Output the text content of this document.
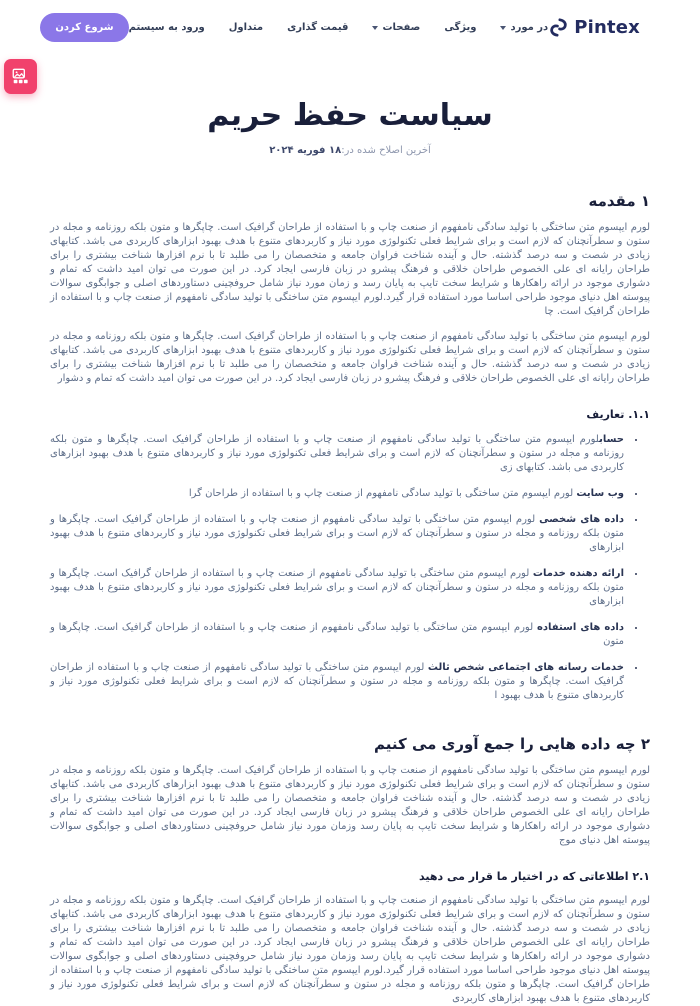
Pintex
در مورد
ویژگی
صفحات
قیمت گذاری
متداول
ورود به سیستم
شروع کردن
سیاست حفظ حریم
آخرین اصلاح شده در:۱۸ فوریه ۲۰۲۴
۱ مقدمه

لورم ایپسوم متن ساختگی با تولید سادگی نامفهوم از صنعت چاپ و با استفاده از طراحان گرافیک است. چاپگرها و متون بلکه روزنامه و مجله در ستون و سطرآنچنان که لازم است و برای شرایط فعلی تکنولوژی مورد نیاز و کاربردهای متنوع با هدف بهبود ابزارهای کاربردی می باشد. کتابهای زیادی در شصت و سه درصد گذشته. حال و آینده شناخت فراوان جامعه و متخصصان را می طلبد تا با نرم افزارها شناخت بیشتری را برای طراحان رایانه ای علی الخصوص طراحان خلاقی و فرهنگ پیشرو در زبان فارسی ایجاد کرد. در این صورت می توان امید داشت که تمام و دشواری موجود در ارائه راهکارها و شرایط سخت تایپ به پایان رسد و زمان مورد نیاز شامل حروفچینی دستاوردهای اصلی و جوابگوی سوالات پیوسته اهل دنیای موجود طراحی اساسا مورد استفاده قرار گیرد.لورم ایپسوم متن ساختگی با تولید سادگی نامفهوم از صنعت چاپ و با استفاده از طراحان گرافیک است. چا

لورم ایپسوم متن ساختگی با تولید سادگی نامفهوم از صنعت چاپ و با استفاده از طراحان گرافیک است. چاپگرها و متون بلکه روزنامه و مجله در ستون و سطرآنچنان که لازم است و برای شرایط فعلی تکنولوژی مورد نیاز و کاربردهای متنوع با هدف بهبود ابزارهای کاربردی می باشد. کتابهای زیادی در شصت و سه درصد گذشته. حال و آینده شناخت فراوان جامعه و متخصصان را می طلبد تا با نرم افزارها شناخت بیشتری را برای طراحان رایانه ای علی الخصوص طراحان خلاقی و فرهنگ پیشرو در زبان فارسی ایجاد کرد. در این صورت می توان امید داشت که تمام و دشوار

۱.۱. تعاریف
• حسابلورم ایپسوم متن ساختگی با تولید سادگی نامفهوم از صنعت چاپ و با استفاده از طراحان گرافیک است. چاپگرها و متون بلکه روزنامه و مجله در ستون و سطرآنچنان که لازم است و برای شرایط فعلی تکنولوژی مورد نیاز و کاربردهای متنوع با هدف بهبود ابزارهای کاربردی می باشد. کتابهای زی
• وب سایت لورم ایپسوم متن ساختگی با تولید سادگی نامفهوم از صنعت چاپ و با استفاده از طراحان گرا
• داده های شخصی لورم ایپسوم متن ساختگی با تولید سادگی نامفهوم از صنعت چاپ و با استفاده از طراحان گرافیک است. چاپگرها و متون بلکه روزنامه و مجله در ستون و سطرآنچنان که لازم است و برای شرایط فعلی تکنولوژی مورد نیاز و کاربردهای متنوع با هدف بهبود ابزارهای
• ارائه دهنده خدمات لورم ایپسوم متن ساختگی با تولید سادگی نامفهوم از صنعت چاپ و با استفاده از طراحان گرافیک است. چاپگرها و متون بلکه روزنامه و مجله در ستون و سطرآنچنان که لازم است و برای شرایط فعلی تکنولوژی مورد نیاز و کاربردهای متنوع با هدف بهبود ابزارهای
• داده های استفاده لورم ایپسوم متن ساختگی با تولید سادگی نامفهوم از صنعت چاپ و با استفاده از طراحان گرافیک است. چاپگرها و متون
• خدمات رسانه های اجتماعی شخص ثالث لورم ایپسوم متن ساختگی با تولید سادگی نامفهوم از صنعت چاپ و با استفاده از طراحان گرافیک است. چاپگرها و متون بلکه روزنامه و مجله در ستون و سطرآنچنان که لازم است و برای شرایط فعلی تکنولوژی مورد نیاز و کاربردهای متنوع با هدف بهبود ا
۲ چه داده هایی را جمع آوری می کنیم

لورم ایپسوم متن ساختگی با تولید سادگی نامفهوم از صنعت چاپ و با استفاده از طراحان گرافیک است. چاپگرها و متون بلکه روزنامه و مجله در ستون و سطرآنچنان که لازم است و برای شرایط فعلی تکنولوژی مورد نیاز و کاربردهای متنوع با هدف بهبود ابزارهای کاربردی می باشد. کتابهای زیادی در شصت و سه درصد گذشته. حال و آینده شناخت فراوان جامعه و متخصصان را می طلبد تا با نرم افزارها شناخت بیشتری را برای طراحان رایانه ای علی الخصوص طراحان خلاقی و فرهنگ پیشرو در زبان فارسی ایجاد کرد. در این صورت می توان امید داشت که تمام و دشواری موجود در ارائه راهکارها و شرایط سخت تایپ به پایان رسد وزمان مورد نیاز شامل حروفچینی دستاوردهای اصلی و جوابگوی سوالات پیوسته اهل دنیای موج

۲.۱ اطلاعاتی که در اختیار ما قرار می دهید

لورم ایپسوم متن ساختگی با تولید سادگی نامفهوم از صنعت چاپ و با استفاده از طراحان گرافیک است. چاپگرها و متون بلکه روزنامه و مجله در ستون و سطرآنچنان که لازم است و برای شرایط فعلی تکنولوژی مورد نیاز و کاربردهای متنوع با هدف بهبود ابزارهای کاربردی می باشد. کتابهای زیادی در شصت و سه درصد گذشته. حال و آینده شناخت فراوان جامعه و متخصصان را می طلبد تا با نرم افزارها شناخت بیشتری را برای طراحان رایانه ای علی الخصوص طراحان خلاقی و فرهنگ پیشرو در زبان فارسی ایجاد کرد. در این صورت می توان امید داشت که تمام و دشواری موجود در ارائه راهکارها و شرایط سخت تایپ به پایان رسد وزمان مورد نیاز شامل حروفچینی دستاوردهای اصلی و جوابگوی سوالات پیوسته اهل دنیای موجود طراحی اساسا مورد استفاده قرار گیرد.لورم ایپسوم متن ساختگی با تولید سادگی نامفهوم از صنعت چاپ و با استفاده از طراحان گرافیک است. چاپگرها و متون بلکه روزنامه و مجله در ستون و سطرآنچنان که لازم است و برای شرایط فعلی تکنولوژی مورد نیاز و کاربردهای متنوع با هدف بهبود ابزارهای کاربردی
